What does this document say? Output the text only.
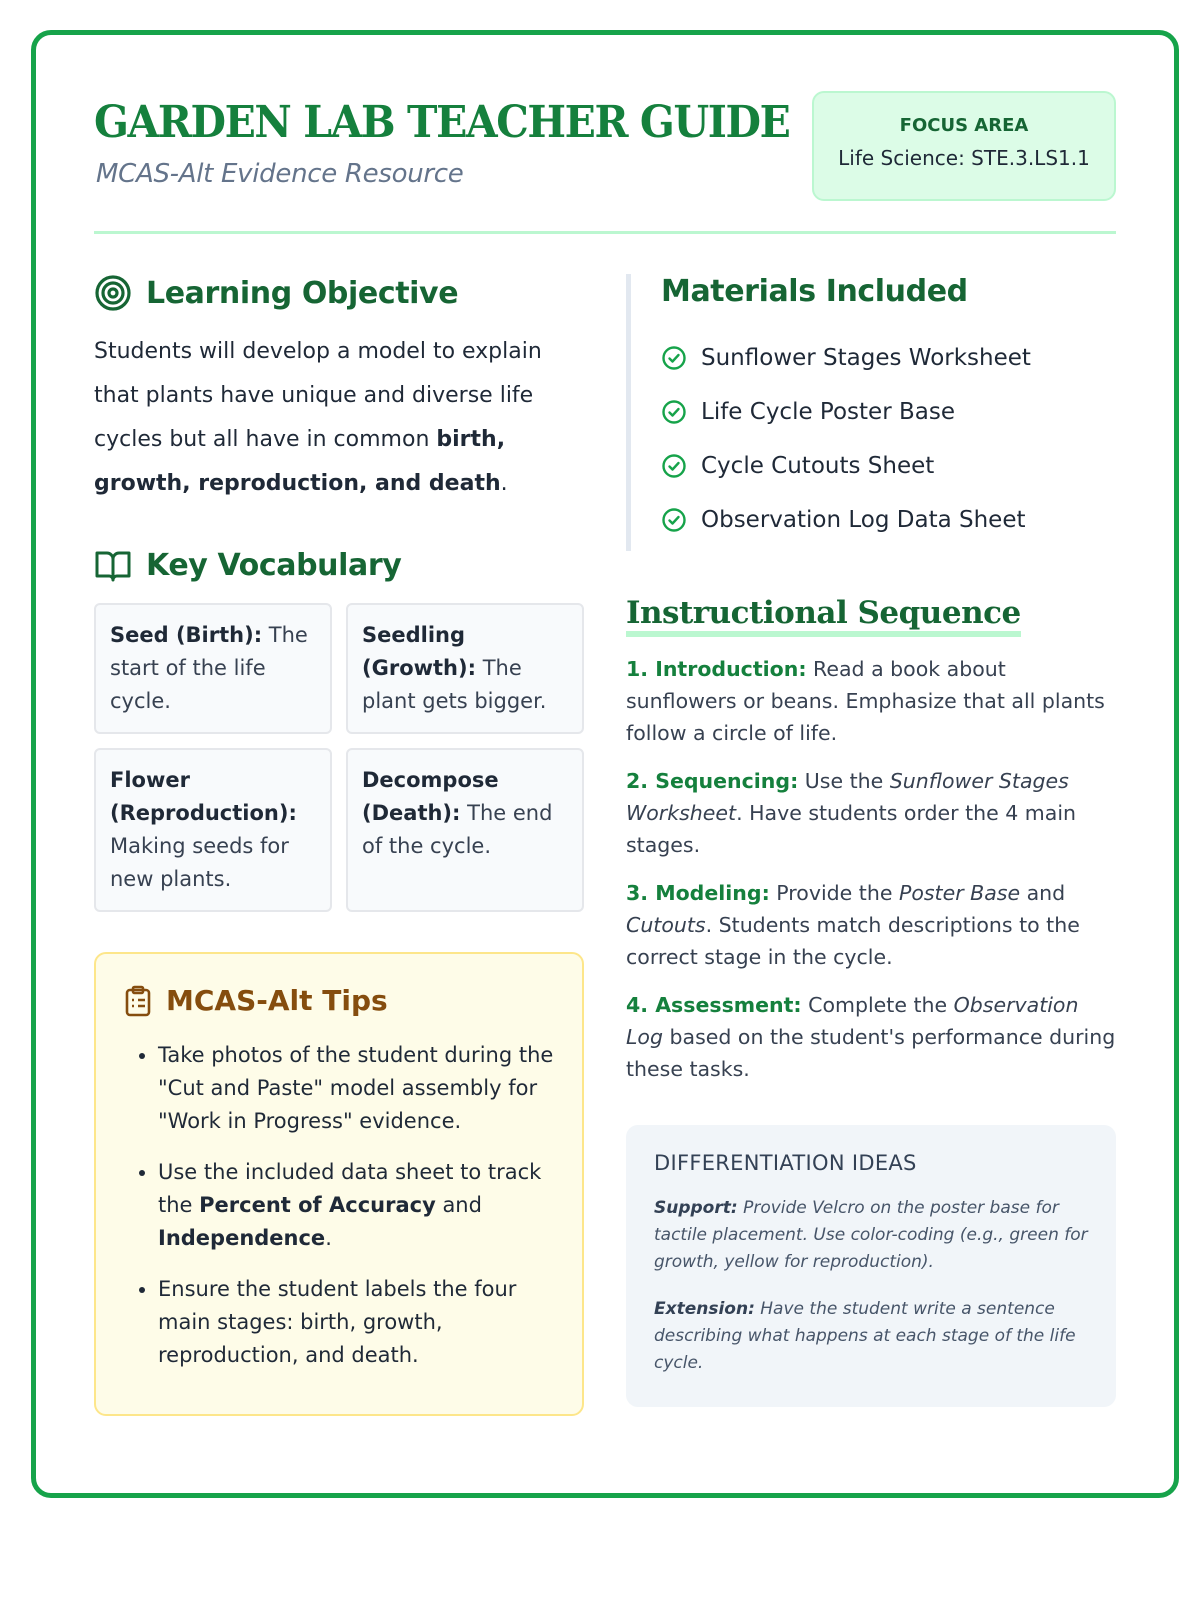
GARDEN LAB TEACHER GUIDE
MCAS-Alt Evidence Resource
FOCUS AREA
Life Science: STE.3.LS1.1
Learning Objective

Students will develop a model to explain that plants have unique and diverse life cycles but all have in common birth, growth, reproduction, and death.

Key Vocabulary
Seed (Birth): The start of the life cycle.
Seedling (Growth): The plant gets bigger.
Flower (Reproduction): Making seeds for new plants.
Decompose (Death): The end of the cycle.
MCAS-Alt Tips
• Take photos of the student during the "Cut and Paste" model assembly for "Work in Progress" evidence.
• Use the included data sheet to track the Percent of Accuracy and Independence.
• Ensure the student labels the four main stages: birth, growth, reproduction, and death.
Materials Included
Sunflower Stages Worksheet
Life Cycle Poster Base
Cycle Cutouts Sheet
Observation Log Data Sheet
Instructional Sequence

1. Introduction: Read a book about sunflowers or beans. Emphasize that all plants follow a circle of life.

2. Sequencing: Use the Sunflower Stages Worksheet. Have students order the 4 main stages.

3. Modeling: Provide the Poster Base and Cutouts. Students match descriptions to the correct stage in the cycle.

4. Assessment: Complete the Observation Log based on the student's performance during these tasks.

DIFFERENTIATION IDEAS

Support: Provide Velcro on the poster base for tactile placement. Use color-coding (e.g., green for growth, yellow for reproduction).

Extension: Have the student write a sentence describing what happens at each stage of the life cycle.
